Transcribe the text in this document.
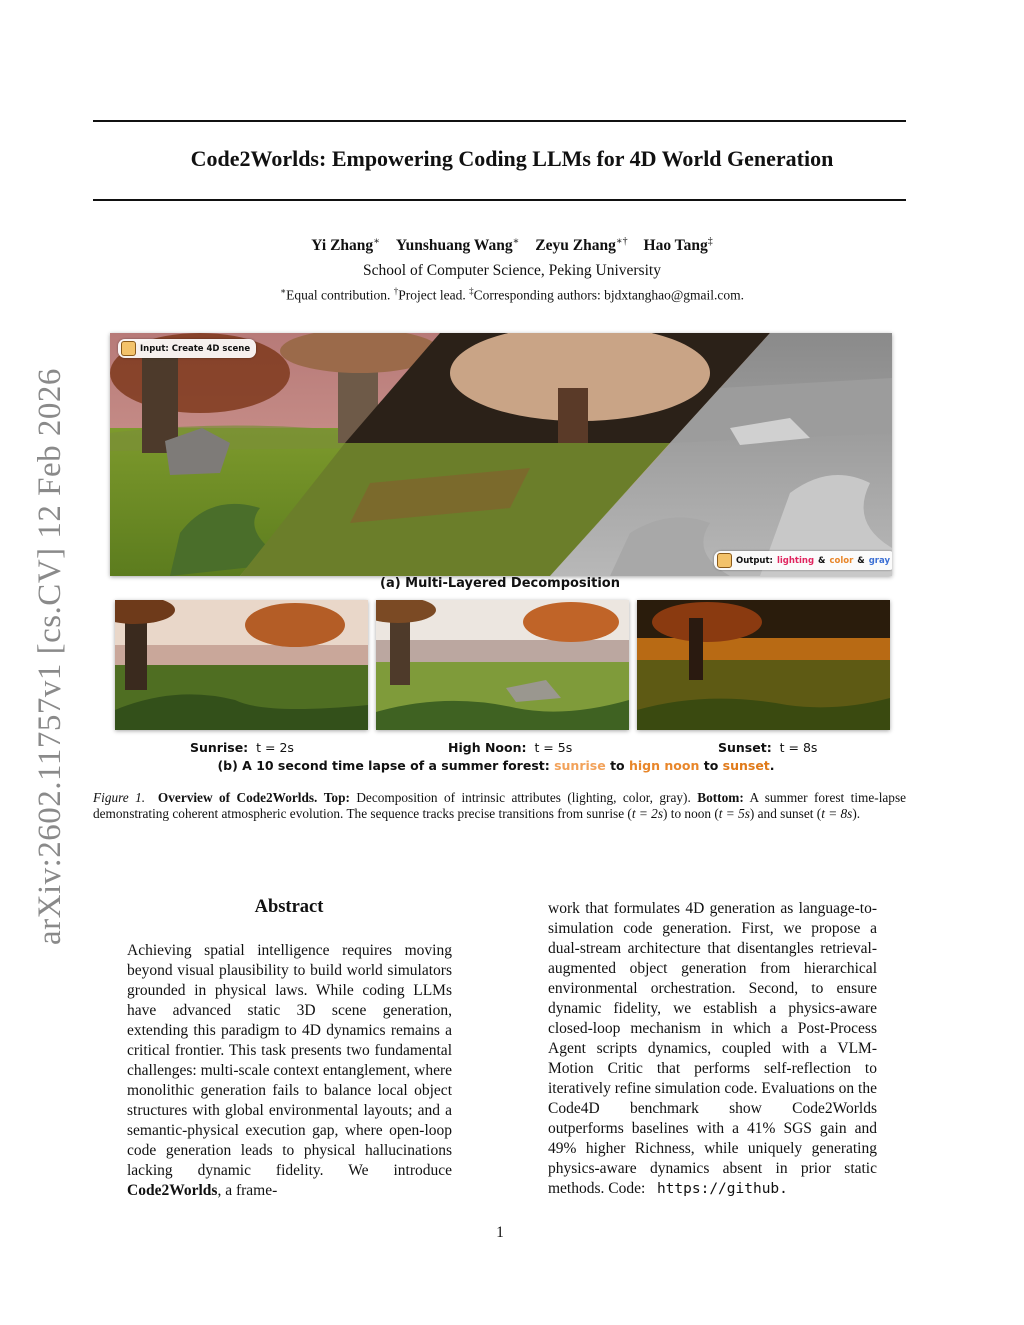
arXiv:2602.11757v1 [cs.CV] 12 Feb 2026
Code2Worlds: Empowering Coding LLMs for 4D World Generation
Yi Zhang∗ Yunshuang Wang∗ Zeyu Zhang∗† Hao Tang‡
School of Computer Science, Peking University
∗Equal contribution. †Project lead. ‡Corresponding authors: bjdxtanghao@gmail.com.
Input: Create 4D scene
Output: lighting & color & gray
(a) Multi-Layered Decomposition
Sunrise: t = 2s	High Noon: t = 5s	Sunset: t = 8s
(b) A 10 second time lapse of a summer forest: sunrise to hign noon to sunset.
Figure 1. Overview of Code2Worlds. Top: Decomposition of intrinsic attributes (lighting, color, gray). Bottom: A summer forest time-lapse demonstrating coherent atmospheric evolution. The sequence tracks precise transitions from sunrise (t = 2s) to noon (t = 5s) and sunset (t = 8s).
Abstract
Achieving spatial intelligence requires moving beyond visual plausibility to build world simulators grounded in physical laws. While coding LLMs have advanced static 3D scene generation, extending this paradigm to 4D dynamics remains a critical frontier. This task presents two fundamental challenges: multi-scale context entanglement, where monolithic generation fails to balance local object structures with global environmental layouts; and a semantic-physical execution gap, where open-loop code generation leads to physical hallucinations lacking dynamic fidelity. We introduce Code2Worlds, a frame-
work that formulates 4D generation as language-to-simulation code generation. First, we propose a dual-stream architecture that disentangles retrieval-augmented object generation from hierarchical environmental orchestration. Second, to ensure dynamic fidelity, we establish a physics-aware closed-loop mechanism in which a Post-Process Agent scripts dynamics, coupled with a VLM-Motion Critic that performs self-reflection to iteratively refine simulation code. Evaluations on the Code4D benchmark show Code2Worlds outperforms baselines with a 41% SGS gain and 49% higher Richness, while uniquely generating physics-aware dynamics absent in prior static methods. Code: https://github.
1
